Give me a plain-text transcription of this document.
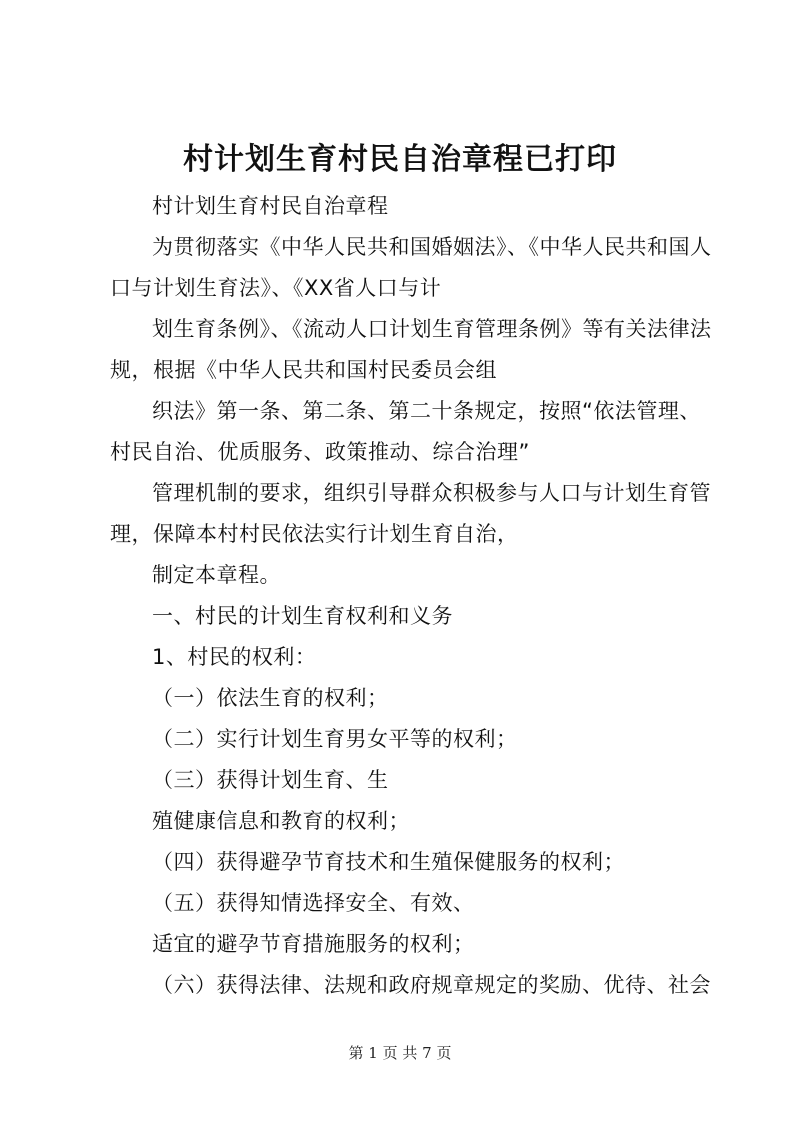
村计划生育村民自治章程已打印

村计划生育村民自治章程

为贯彻落实《中华人民共和国婚姻法》、《中华人民共和国人

口与计划生育法》、《XX省人口与计

划生育条例》、《流动人口计划生育管理条例》等有关法律法

规，根据《中华人民共和国村民委员会组

织法》第一条、第二条、第二十条规定，按照“依法管理、

村民自治、优质服务、政策推动、综合治理”

管理机制的要求，组织引导群众积极参与人口与计划生育管

理，保障本村村民依法实行计划生育自治，

制定本章程。

一、村民的计划生育权利和义务

1、村民的权利：

（一）依法生育的权利；

（二）实行计划生育男女平等的权利；

（三）获得计划生育、生

殖健康信息和教育的权利；

（四）获得避孕节育技术和生殖保健服务的权利；

（五）获得知情选择安全、有效、

适宜的避孕节育措施服务的权利；

（六）获得法律、法规和政府规章规定的奖励、优待、社会

第 1 页 共 7 页
